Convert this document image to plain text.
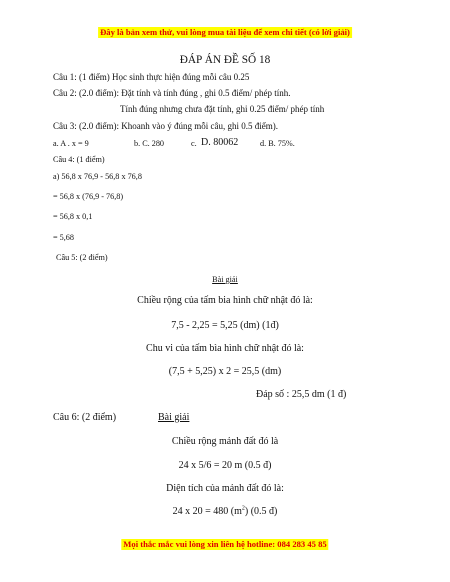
Đây là bản xem thử, vui lòng mua tài liệu để xem chi tiết (có lời giải)
ĐÁP ÁN ĐỀ SỐ 18
Câu 1: (1 điểm) Học sinh thực hiện đúng mỗi câu 0.25
Câu 2: (2.0 điểm): Đặt tính và tính đúng , ghi 0.5 điểm/ phép tính.
Tính đúng nhưng chưa đặt tính, ghi 0.25 điểm/ phép tính
Câu 3: (2.0 điểm): Khoanh vào ý đúng mỗi câu, ghi 0.5 điểm).
a. A . x = 9	b. C. 280	c. D. 80062	d. B. 75%.
Câu 4: (1 điểm)
a) 56,8 x 76,9 - 56,8 x 76,8
= 56,8 x (76,9 - 76,8)
= 56,8 x 0,1
= 5,68
Câu 5: (2 điểm)
Bài giải
Chiều rộng của tấm bia hình chữ nhật đó là:
7,5 - 2,25 = 5,25 (dm) (1đ)
Chu vi của tấm bìa hình chữ nhật đó là:
(7,5 + 5,25) x 2 = 25,5 (dm)
Đáp số : 25,5 dm (1 đ)
Câu 6: (2 điểm)	Bài giải
Chiều rộng mảnh đất đó là
24 x 5/6 = 20 m (0.5 đ)
Diện tích của mảnh đất đó là:
24 x 20 = 480 $(m^2)$ (0.5 đ)
Mọi thắc mắc vui lòng xin liên hệ hotline: 084 283 45 85
